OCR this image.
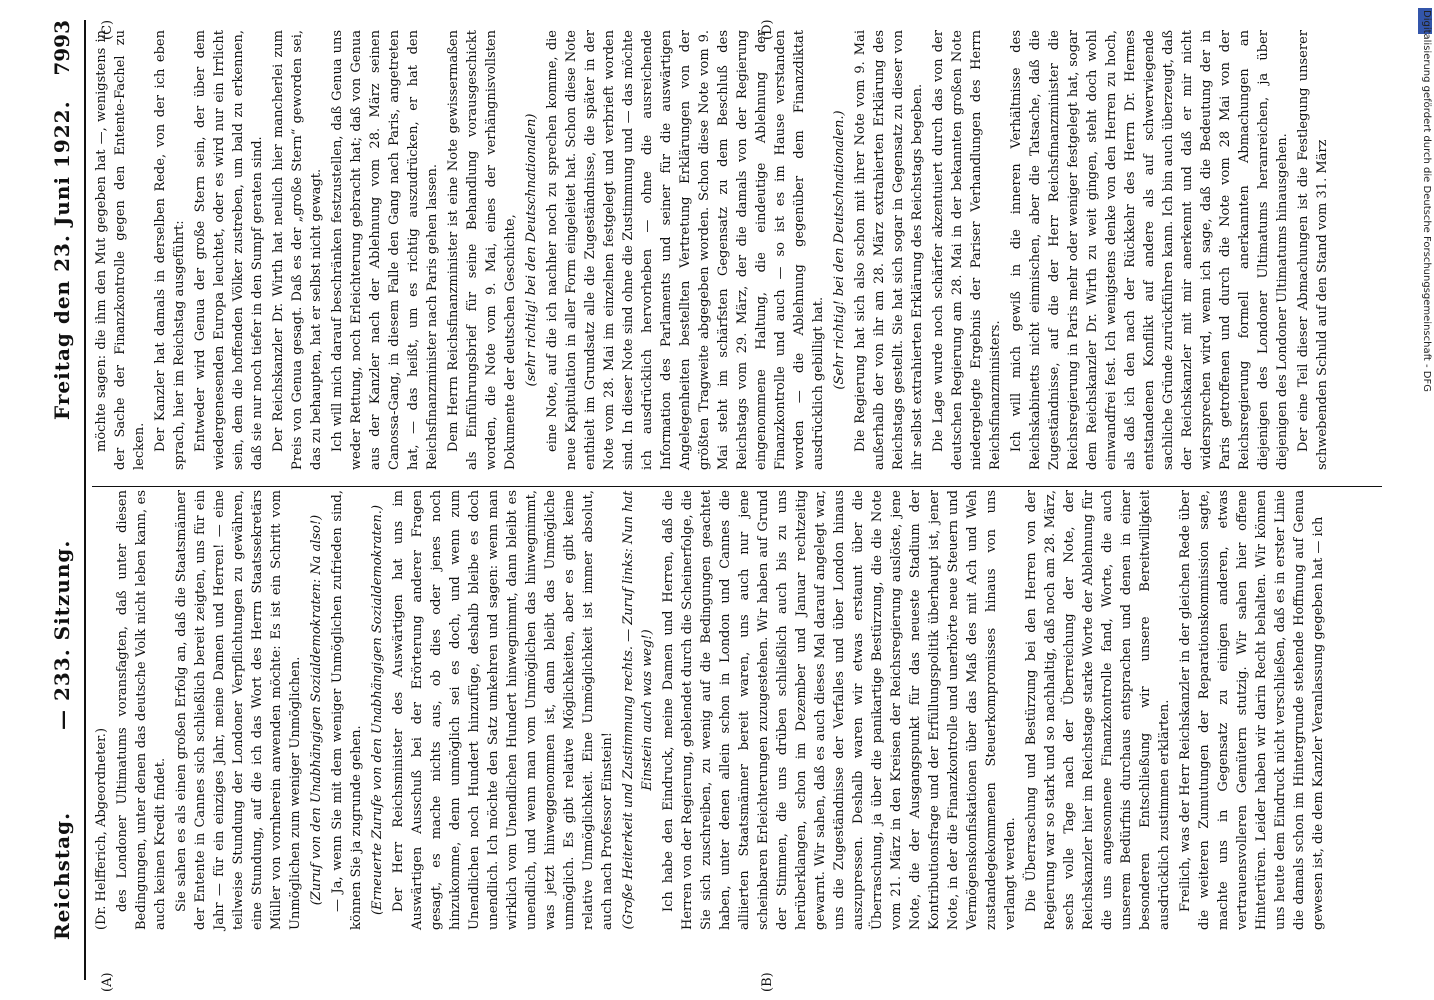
Reichstag.
— 233. Sitzung.
Freitag den 23. Juni 1922.
7993
(A)	(B)
(C)	(D)

(Dr. Helfferich, Abgeordneter.) des Londoner Ultimatums voransfagten, daß unter diesen Bedingungen, unter denen das deutsche Volk nicht leben kann, es auch keinen Kredit findet. Sie sahen es als einen großen Erfolg an, daß die Staatsmänner der Entente in Cannes sich schließlich bereit zeigten, uns für ein Jahr — für ein einziges Jahr, meine Damen und Herren! — eine teilweise Stundung der Londoner Verpflichtungen zu gewähren, eine Stundung, auf die ich das Wort des Herrn Staatssekretärs Müller von vornherein anwenden möchte: Es ist ein Schritt vom Unmöglichen zum weniger Unmöglichen. (Zuruf von den Unabhängigen Sozialdemokraten: Na also!) — Ja, wenn Sie mit dem weniger Unmöglichen zufrieden sind, können Sie ja zugrunde gehen. (Erneuerte Zurufe von den Unabhängigen Sozialdemokraten.) Der Herr Reichsminister des Auswärtigen hat uns im Auswärtigen Ausschuß bei der Erörterung anderer Fragen gesagt, es mache nichts aus, ob dies oder jenes noch hinzukomme, denn unmöglich sei es doch, und wenn zum Unendlichen noch Hundert hinzufüge, deshalb bleibe es doch unendlich. Ich möchte den Satz umkehren und sagen: wenn man wirklich vom Unendlichen Hundert hinwegnimmt, dann bleibt es unendlich, und wenn man vom Unmöglichen das hinwegnimmt, was jetzt hinweggenommen ist, dann bleibt das Unmögliche unmöglich. Es gibt relative Möglichkeiten, aber es gibt keine relative Unmöglichkeit. Eine Unmöglichkeit ist immer absolut, auch nach Professor Einstein! (Große Heiterkeit und Zustimmung rechts. — Zuruf links: Nun hat Einstein auch was weg!) Ich habe den Eindruck, meine Damen und Herren, daß die Herren von der Regierung, geblendet durch die Scheinerfolge, die Sie sich zuschreiben, zu wenig auf die Bedingungen geachtet haben, unter denen allein schon in London und Cannes die alliierten Staatsmänner bereit waren, uns auch nur jene scheinbaren Erleichterungen zuzugestehen. Wir haben auf Grund der Stimmen, die uns drüben schließlich auch bis zu uns herüberklangen, schon im Dezember und Januar rechtzeitig gewarnt. Wir sahen, daß es auch dieses Mal darauf angelegt war, uns die Zugeständnisse der Verfalles und über London hinaus auszupressen. Deshalb waren wir etwas erstaunt über die Überraschung, ja über die panikartige Bestürzung, die die Note vom 21. März in den Kreisen der Reichsregierung auslöste, jene Note, die der Ausgangspunkt für das neueste Stadium der Kontributionsfrage und der Erfüllungspolitik überhaupt ist, jener Note, in der die Finanzkontrolle und unerhörte neue Steuern und Vermögenskonfiskationen über das Maß des mit Ach und Weh zustandegekommenen Steuerkompromisses hinaus von uns verlangt werden. Die Überraschung und Bestürzung bei den Herren von der Regierung war so stark und so nachhaltig, daß noch am 28. März, sechs volle Tage nach der Überreichung der Note, der Reichskanzler hier im Reichstage starke Worte der Ablehnung für die uns angesonnene Finanzkontrolle fand, Worte, die auch unserem Bedürfnis durchaus entsprachen und denen in einer besonderen Entschließung wir unsere Bereitwilligkeit ausdrücklich zustimmen erklärten. Freilich, was der Herr Reichskanzler in der gleichen Rede über die weiteren Zumutungen der Reparationskommission sagte, machte uns in Gegensatz zu einigen anderen, etwas vertrauensvolleren Gemütern stutzig. Wir sahen hier offene Hintertüren. Leider haben wir darin Recht behalten. Wir können uns heute dem Eindruck nicht verschließen, daß es in erster Linie die damals schon im Hintergrunde stehende Hoffnung auf Genua gewesen ist, die dem Kanzler Veranlassung gegeben hat — ich

möchte sagen: die ihm den Mut gegeben hat —, wenigstens in der Sache der Finanzkontrolle gegen den Entente-Fachel zu lecken. Der Kanzler hat damals in derselben Rede, von der ich eben sprach, hier im Reichstag ausgeführt: Entweder wird Genua der große Stern sein, der über dem wiedergenesenden Europa leuchtet, oder es wird nur ein Irrlicht sein, dem die hoffenden Völker zustreben, um bald zu erkennen, daß sie nur noch tiefer in den Sumpf geraten sind. Der Reichskanzler Dr. Wirth hat neulich hier mancherlei zum Preis von Genua gesagt. Daß es der „große Stern“ geworden sei, das zu behaupten, hat er selbst nicht gewagt. Ich will mich darauf beschränken festzustellen, daß Genua uns weder Rettung, noch Erleichterung gebracht hat; daß von Genua aus der Kanzler nach der Ablehnung vom 28. März seinen Canossa-Gang, in diesem Falle den Gang nach Paris, angetreten hat, — das heißt, um es richtig auszudrücken, er hat den Reichsfinanzminister nach Paris gehen lassen. Dem Herrn Reichsfinanzminister ist eine Note gewissermaßen als Einführungsbrief für seine Behandlung vorausgeschickt worden, die Note vom 9. Mai, eines der verhängnisvollsten Dokumente der deutschen Geschichte, (sehr richtig! bei den Deutschnationalen) eine Note, auf die ich nachher noch zu sprechen komme, die neue Kapitulation in aller Form eingeleitet hat. Schon diese Note enthielt im Grundsatz alle die Zugeständnisse, die später in der Note vom 28. Mai im einzelnen festgelegt und verbrieft worden sind. In dieser Note sind ohne die Zustimmung und — das möchte ich ausdrücklich hervorheben — ohne die ausreichende Information des Parlaments und seiner für die auswärtigen Angelegenheiten bestellten Vertretung Erklärungen von der größten Tragweite abgegeben worden. Schon diese Note vom 9. Mai steht im schärfsten Gegensatz zu dem Beschluß des Reichstags vom 29. März, der die damals von der Regierung eingenommene Haltung, die eindeutige Ablehnung der Finanzkontrolle und auch — so ist es im Hause verstanden worden — die Ablehnung gegenüber dem Finanzdiktat ausdrücklich gebilligt hat. (Sehr richtig! bei den Deutschnationalen.) Die Regierung hat sich also schon mit ihrer Note vom 9. Mai außerhalb der von ihr am 28. März extrahierten Erklärung des Reichstags gestellt. Sie hat sich sogar in Gegensatz zu dieser von ihr selbst extrahierten Erklärung des Reichstags begeben. Die Lage wurde noch schärfer akzentuiert durch das von der deutschen Regierung am 28. Mai in der bekannten großen Note niedergelegte Ergebnis der Pariser Verhandlungen des Herrn Reichsfinanzministers. Ich will mich gewiß in die inneren Verhältnisse des Reichskabinetts nicht einmischen, aber die Tatsache, daß die Zugeständnisse, auf die der Herr Reichsfinanzminister die Reichsregierung in Paris mehr oder weniger festgelegt hat, sogar dem Reichskanzler Dr. Wirth zu weit gingen, steht doch wohl einwandfrei fest. Ich wenigstens denke von den Herren zu hoch, als daß ich den nach der Rückkehr des Herrn Dr. Hermes entstandenen Konflikt auf andere als auf schwerwiegende sachliche Gründe zurückführen kann. Ich bin auch überzeugt, daß der Reichskanzler mit mir anerkennt und daß er mir nicht widersprechen wird, wenn ich sage, daß die Bedeutung der in Paris getroffenen und durch die Note vom 28 Mai von der Reichsregierung formell anerkannten Abmachungen an diejenigen des Londoner Ultimatums heranreichen, ja über diejenigen des Londoner Ultimatums hinausgehen. Der eine Teil dieser Abmachungen ist die Festlegung unserer schwebenden Schuld auf den Stand vom 31. März	Digitalisierung gefördert durch die Deutsche Forschungsgemeinschaft - DFG
